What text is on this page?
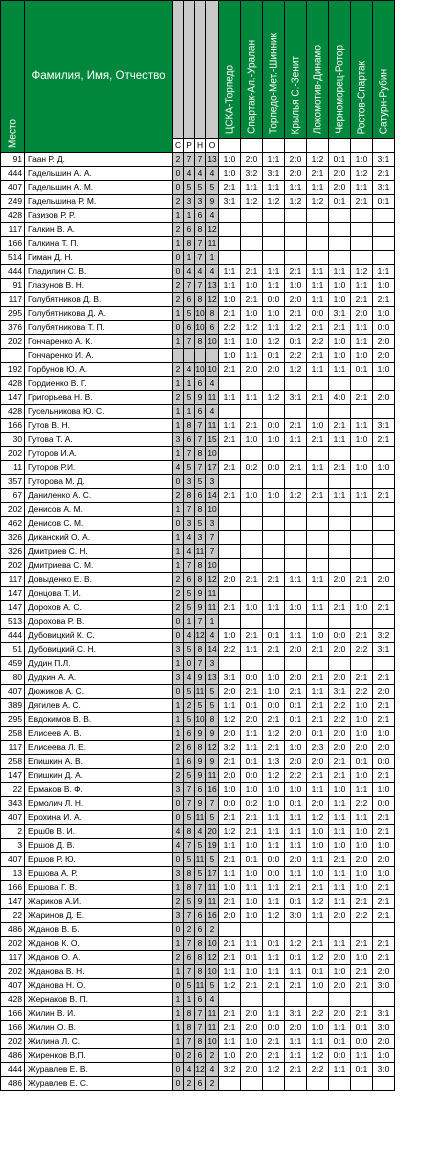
Место	Фамилия, Имя, Отчество					ЦСКА-Торпедо	Спартак-Ал.-Уралан	Торпедо-Мет.-Шинник	Крылья С.-Зенит	Локомотив-Динамо	Черноморец-Ротор	Ростов-Спартак	Сатурн-Рубин

		С	Р	Н	О								
91	Гаан Р. Д.	2	7	7	13	1:0	2:0	1:1	2:0	1:2	0:1	1:0	3:1
444	Гадельшин А. А.	0	4	4	4	1:0	3:2	3:1	2:0	2:1	2:0	1:2	2:1
407	Гадельшин А. М.	0	5	5	5	2:1	1:1	1:1	1:1	1:1	2:0	1:1	3:1
249	Гадельшина Р. М.	2	3	3	9	3:1	1:2	1:2	1:2	1:2	0:1	2:1	0:1
428	Газизов Р. Р.	1	1	6	4								
117	Галкин В. А.	2	6	8	12								
166	Галкина Т. П.	1	8	7	11								
514	Гиман Д. Н.	0	1	7	1								
444	Гладилин С. В.	0	4	4	4	1:1	2:1	1:1	2:1	1:1	1:1	1:2	1:1
91	Глазунов В. Н.	2	7	7	13	1:1	1:0	1:1	1:0	1:1	1:0	1:1	1:0
117	Голубятников Д. В.	2	6	8	12	1:0	2:1	0:0	2:0	1:1	1:0	2:1	2:1
295	Голубятникова Д. А.	1	5	10	8	2:1	1:0	1:0	2:1	0:0	3:1	2:0	1:0
376	Голубятникова Т. П.	0	6	10	6	2:2	1:2	1:1	1:2	2:1	2:1	1:1	0:0
202	Гончаренко А. К.	1	7	8	10	1:1	1:0	1:2	0:1	2:2	1:0	1:1	2:0
	Гончаренко И. А.					1:0	1:1	0:1	2:2	2:1	1:0	1:0	2:0
192	Горбунов Ю. А.	2	4	10	10	2:1	2:0	2:0	1:2	1:1	1:1	0:1	1:0
428	Гордиенко В. Г.	1	1	6	4								
147	Григорьева Н. В.	2	5	9	11	1:1	1:1	1:2	3:1	2:1	4:0	2:1	2:0
428	Гусельникова Ю. С.	1	1	6	4								
166	Гутов В. Н.	1	8	7	11	1:1	2:1	0:0	2:1	1:0	2:1	1:1	3:1
30	Гутова Т. А.	3	6	7	15	2:1	1:0	1:0	1:1	2:1	1:1	1:0	2:1
202	Гуторов И.А.	1	7	8	10								
11	Гуторов Р.И.	4	5	7	17	2:1	0:2	0:0	2:1	1:1	2:1	1:0	1:0
357	Гуторова М. Д.	0	3	5	3								
67	Даниленко А. С.	2	8	6	14	2:1	1:0	1:0	1:2	2:1	1:1	1:1	2:1
202	Денисов А. М.	1	7	8	10								
462	Денисов С. М.	0	3	5	3								
326	Диканский О. А.	1	4	3	7								
326	Дмитриев С. Н.	1	4	11	7								
202	Дмитриева С. М.	1	7	8	10								
117	Довыденко Е. В.	2	6	8	12	2:0	2:1	2:1	1:1	1:1	2:0	2:1	2:0
147	Донцова Т. И.	2	5	9	11								
147	Дорохов А. С.	2	5	9	11	2:1	1:0	1:1	1:0	1:1	2:1	1:0	2:1
513	Дорохова Р. В.	0	1	7	1								
444	Дубовицкий К. С.	0	4	12	4	1:0	2:1	0:1	1:1	1:0	0:0	2:1	3:2
51	Дубовицкий С. Н.	3	5	8	14	2:2	1:1	2:1	2:0	2:1	2:0	2:2	3:1
459	Дудин П.Л.	1	0	7	3								
80	Дудкин А. А.	3	4	9	13	3:1	0:0	1:0	2:0	2:1	2:0	2:1	2:1
407	Дюжиков А. С.	0	5	11	5	2:0	2:1	1:0	2:1	1:1	3:1	2:2	2:0
389	Дягилев А. С.	1	2	5	5	1:1	0:1	0:0	0:1	2:1	2:2	1:0	2:1
295	Евдокимов В. В.	1	5	10	8	1:2	2:0	2:1	0:1	2:1	2:2	1:0	2:1
258	Елисеев А. В.	1	6	9	9	2:0	1:1	1:2	2:0	0:1	2:0	1:0	1:0
117	Елисеева Л. Е.	2	6	8	12	3:2	1:1	2:1	1:0	2:3	2:0	2:0	2:0
258	Епишкин А. В.	1	6	9	9	2:1	0:1	1:3	2:0	2:0	2:1	0:1	0:0
147	Епишкин Д. А.	2	5	9	11	2:0	0:0	1:2	2:2	2:1	2:1	1:0	2:1
22	Ермаков В. Ф.	3	7	6	16	1:0	1:0	1:0	1:0	1:1	1:0	1:1	1:0
343	Ермолич Л. Н.	0	7	9	7	0:0	0:2	1:0	0:1	2:0	1:1	2:2	0:0
407	Ерохина И. А.	0	5	11	5	2:1	2:1	1:1	1:1	1:2	1:1	1:1	2:1
2	Ерш0в В. И.	4	8	4	20	1:2	2:1	1:1	1:1	1:0	1:1	1:0	2:1
3	Ершов Д. В.	4	7	5	19	1:1	1:0	1:1	1:1	1:0	1:0	1:0	1:0
407	Ершов Р. Ю.	0	5	11	5	2:1	0:1	0:0	2:0	1:1	2:1	2:0	2:0
13	Ершова А. Р.	3	8	5	17	1:1	1:0	0:0	1:1	1:0	1:1	1:0	1:0
166	Ершова Г. В.	1	8	7	11	1:0	1:1	1:1	2:1	2:1	1:1	1:0	2:1
147	Жариков А.И.	2	5	9	11	2:1	1:0	1:1	0:1	1:2	1:1	2:1	2:1
22	Жаринов Д. Е.	3	7	6	16	2:0	1:0	1:2	3:0	1:1	2:0	2:2	2:1
486	Жданов В. Б.	0	2	6	2								
202	Жданов К. О.	1	7	8	10	2:1	1:1	0:1	1:2	2:1	1:1	2:1	2:1
117	Жданов О. А.	2	6	8	12	2:1	0:1	1:1	0:1	1:2	2:0	1:0	2:1
202	Жданова В. Н.	1	7	8	10	1:1	1:0	1:1	1:1	0:1	1:0	2:1	2:0
407	Жданова Н. О.	0	5	11	5	1:2	2:1	2:1	2:1	1:0	2:0	2:1	3:0
428	Жернаков В. П.	1	1	6	4								
166	Жилин В. И.	1	8	7	11	2:1	2:0	1:1	3:1	2:2	2:0	2:1	3:1
166	Жилин О. В.	1	8	7	11	2:1	2:0	0:0	2:0	1:0	1:1	0:1	3:0
202	Жилина Л. С.	1	7	8	10	1:1	1:0	2:1	1:1	1:1	0:1	0:0	2:0
486	Жиренков В.П.	0	2	6	2	1:0	2:0	2:1	1:1	1:2	0:0	1:1	1:0
444	Журавлев Е. В.	0	4	12	4	3:2	2:0	1:2	2:1	2:2	1:1	0:1	3:0
486	Журавлев Е. С.	0	2	6	2								
